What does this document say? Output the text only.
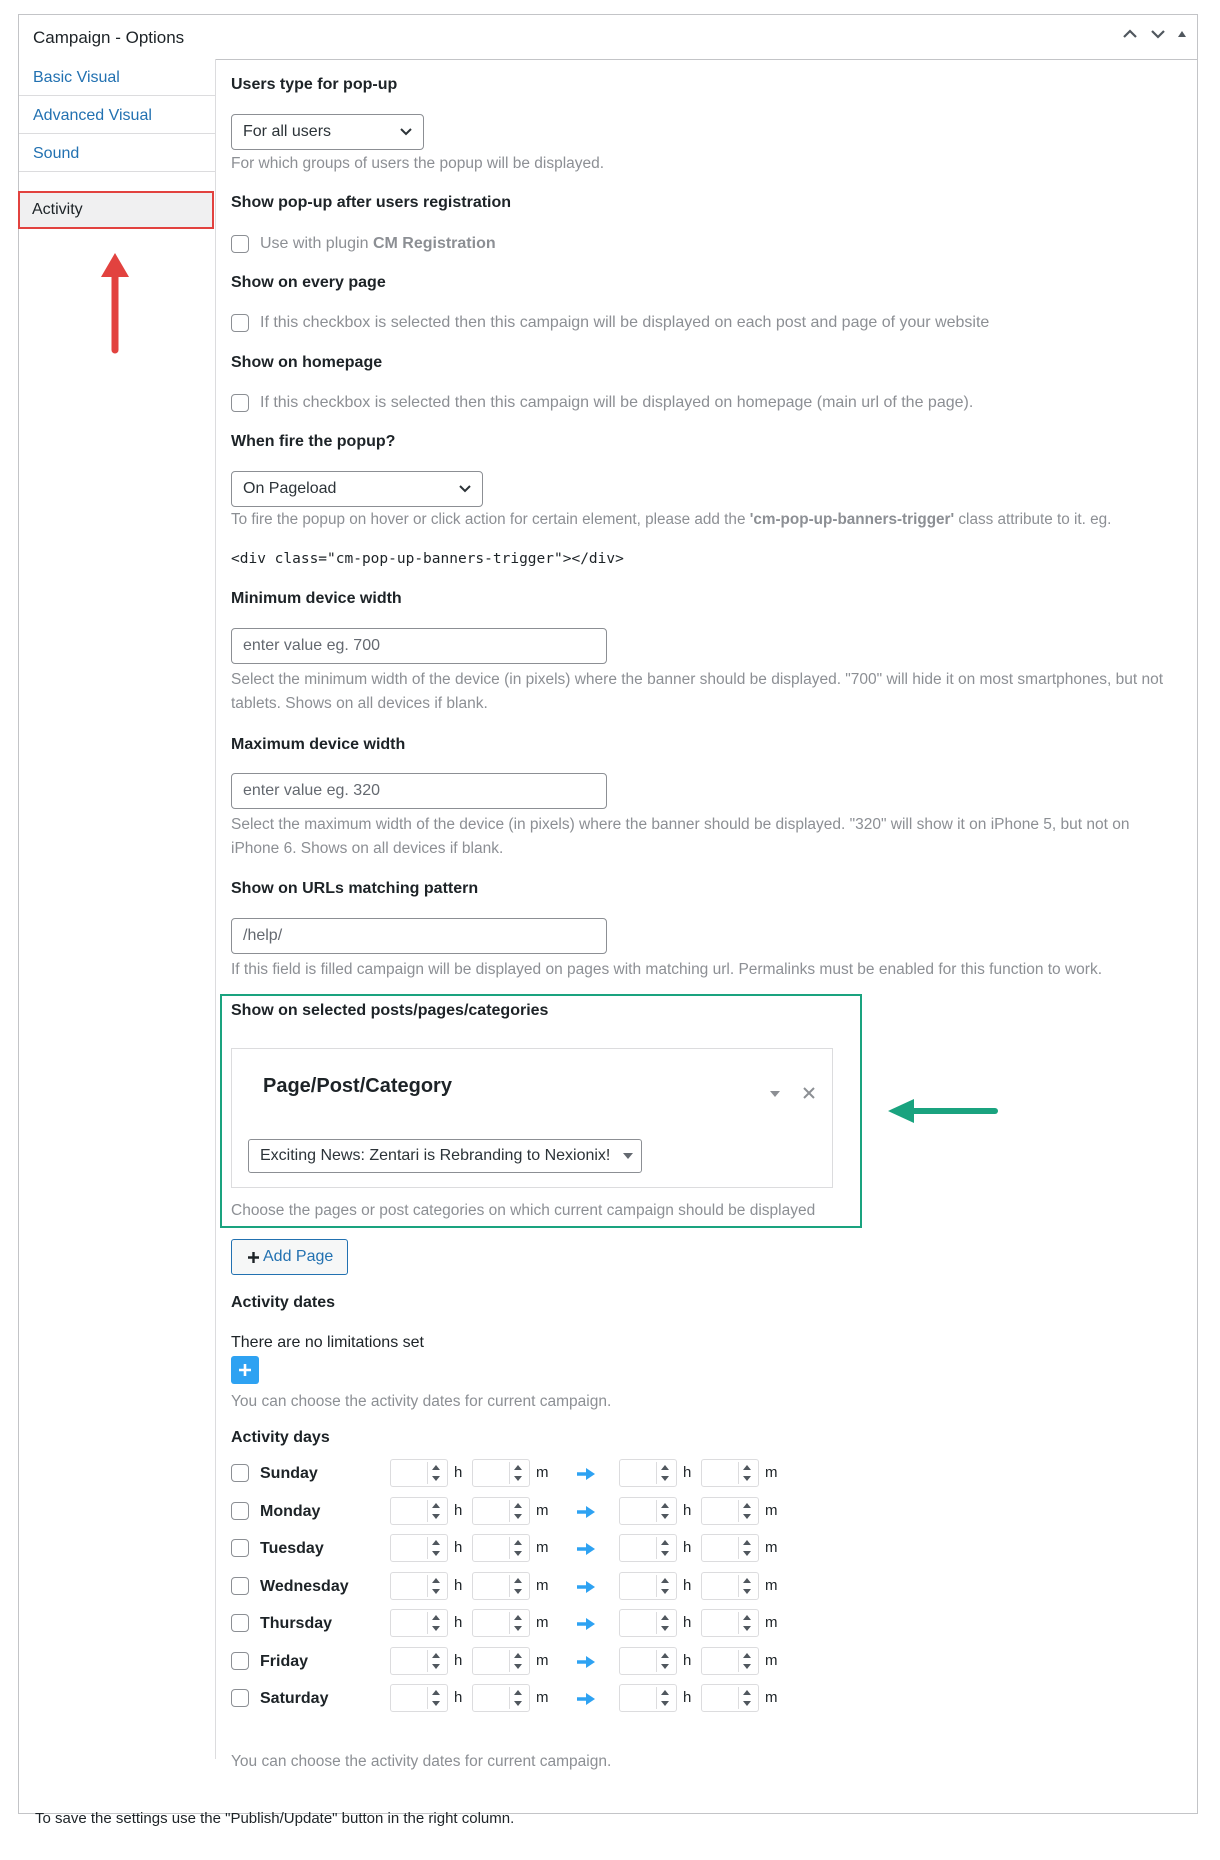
Campaign - Options
Basic Visual
Advanced Visual
Sound
Activity
Users type for pop-up
For all users
For which groups of users the popup will be displayed.
Show pop-up after users registration
Use with plugin CM Registration
Show on every page
If this checkbox is selected then this campaign will be displayed on each post and page of your website
Show on homepage
If this checkbox is selected then this campaign will be displayed on homepage (main url of the page).
When fire the popup?
On Pageload
To fire the popup on hover or click action for certain element, please add the 'cm-pop-up-banners-trigger' class attribute to it. eg.
<div class="cm-pop-up-banners-trigger"></div>
Minimum device width
enter value eg. 700
Select the minimum width of the device (in pixels) where the banner should be displayed. "700" will hide it on most smartphones, but not tablets. Shows on all devices if blank.
Maximum device width
enter value eg. 320
Select the maximum width of the device (in pixels) where the banner should be displayed. "320" will show it on iPhone 5, but not on iPhone 6. Shows on all devices if blank.
Show on URLs matching pattern
/help/
If this field is filled campaign will be displayed on pages with matching url. Permalinks must be enabled for this function to work.
Show on selected posts/pages/categories
Page/Post/Category
Exciting News: Zentari is Rebranding to Nexionix!
Choose the pages or post categories on which current campaign should be displayed
Add Page
Activity dates
There are no limitations set
You can choose the activity dates for current campaign.
Activity days
Sunday	h	m	h	m
Monday	h	m	h	m
Tuesday	h	m	h	m
Wednesday	h	m	h	m
Thursday	h	m	h	m
Friday	h	m	h	m
Saturday	h	m	h	m
You can choose the activity dates for current campaign.
To save the settings use the "Publish/Update" button in the right column.
